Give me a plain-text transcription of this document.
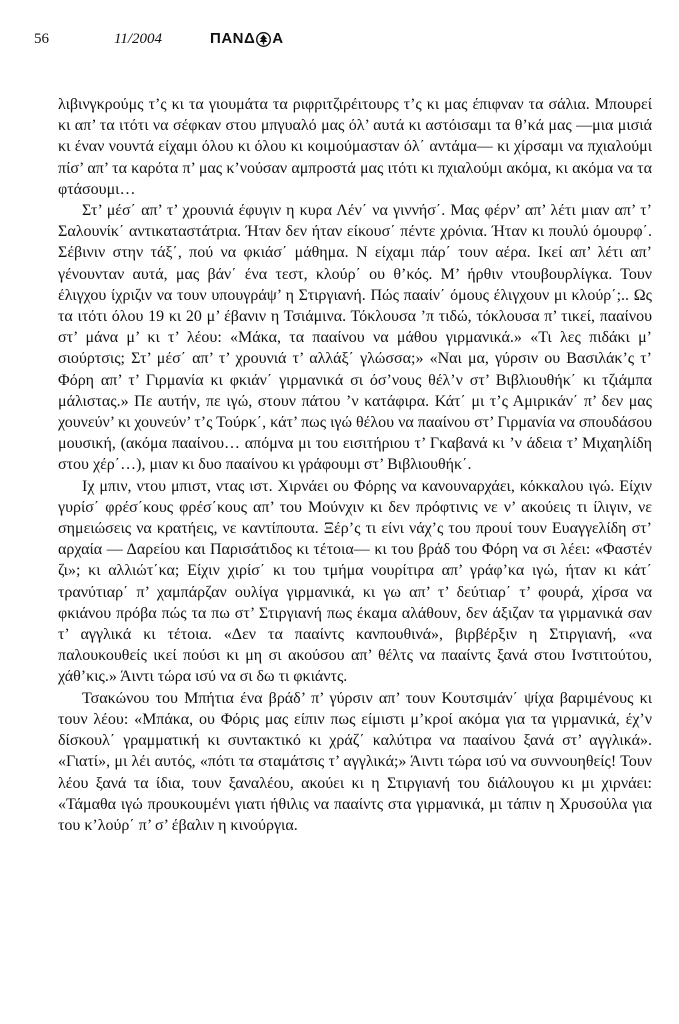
56	11/2004	ΠΑΝΔ Α

λιβινγκρούμς τ’ς κι τα γιουμάτα τα ριφριτζιρέιτουρς τ’ς κι μας έπιφναν τα σάλια. Μπουρεί κι απ’ τα ιτότι να σέφκαν στου μπγυαλό μας όλ’ αυτά κι αστόισαμι τα θ’κά μας —μια μισιά κι έναν νουντά είχαμι όλου κι όλου κι κοιμούμασταν όλ΄ αντάμα— κι χίρσαμι να πχιαλούμι πίσ’ απ’ τα καρότα π’ μας κ’νούσαν αμπροστά μας ιτότι κι πχιαλούμι ακόμα, κι ακόμα να τα φτάσουμι…

Στ’ μέσ΄ απ’ τ’ χρουνιά έφυγιν η κυρα Λέν΄ να γιννήσ΄. Μας φέρν’ απ’ λέτι μιαν απ’ τ’ Σαλουνίκ΄ αντικαταστάτρια. Ήταν δεν ήταν είκουσ΄ πέντε χρόνια. Ήταν κι πουλύ όμουρφ΄. Σέβινιν στην τάξ΄, πού να φκιάσ΄ μάθημα. Ν είχαμι πάρ΄ τουν αέρα. Ικεί απ’ λέτι απ’ γένουνταν αυτά, μας βάν΄ ένα τεστ, κλούρ΄ ου θ’κός. Μ’ ήρθιν ντουβουρλίγκα. Τουν έλιγχου ίχριζιν να τουν υπουγράψ’ η Στιργιανή. Πώς πααίν΄ όμους έλιγχουν μι κλούρ΄;.. Ως τα ιτότι όλου 19 κι 20 μ’ έβανιν η Τσιάμινα. Τόκλουσα ’π τιδώ, τόκλουσα π’ τικεί, πααίνου στ’ μάνα μ’ κι τ’ λέου: «Μάκα, τα πααίνου να μάθου γιρμανικά.» «Τι λες πιδάκι μ’ σιούρτσις; Στ’ μέσ΄ απ’ τ’ χρουνιά τ’ αλλάξ΄ γλώσσα;» «Ναι μα, γύρσιν ου Βασιλάκ’ς τ’ Φόρη απ’ τ’ Γιρμανία κι φκιάν΄ γιρμανικά σι όσ’νους θέλ’ν στ’ Βιβλιουθήκ΄ κι τζιάμπα μάλιστας.» Πε αυτήν, πε ιγώ, στουν πάτου ’ν κατάφιρα. Κάτ΄ μι τ’ς Αμιρικάν΄ π’ δεν μας χουνεύν’ κι χουνεύν’ τ’ς Τούρκ΄, κάτ’ πως ιγώ θέλου να πααίνου στ’ Γιρμανία να σπουδάσου μουσική, (ακόμα πααίνου… απόμνα μι του εισιτήριου τ’ Γκαβανά κι ’ν άδεια τ’ Μιχαηλίδη στου χέρ΄…), μιαν κι δυο πααίνου κι γράφουμι στ’ Βιβλιουθήκ΄.

Iχ μπιν, ντου μπιστ, ντας ιστ. Χιρνάει ου Φόρης να κανουναρχάει, κόκκαλου ιγώ. Είχιν γυρίσ΄ φρέσ΄κους φρέσ΄κους απ’ του Μούνχιν κι δεν πρόφτινις νε ν’ ακούεις τι ίλιγιν, νε σημειώσεις να κρατήεις, νε καντίπουτα. Ξέρ’ς τι είνι νάχ’ς του προυί τουν Ευαγγελίδη στ’ αρχαία — Δαρείου και Παρισάτιδος κι τέτοια— κι του βράδ του Φόρη να σι λέει: «Φαστέν ζι»; κι αλλιώτ΄κα; Είχιν χιρίσ΄ κι του τμήμα νουρίτιρα απ’ γράφ’κα ιγώ, ήταν κι κάτ΄ τρανύτιαρ΄ π’ χαμπάρζαν ουλίγα γιρμανικά, κι γω απ’ τ’ δεύτιαρ΄ τ’ φουρά, χίρσα να φκιάνου πρόβα πώς τα πω στ’ Στιργιανή πως έκαμα αλάθουν, δεν άξιζαν τα γιρμανικά σαν τ’ αγγλικά κι τέτοια. «Δεν τα πααίντς κανπουθινά», βιρβέρξιν η Στιργιανή, «να παλουκουθείς ικεί πούσι κι μη σι ακούσου απ’ θέλτς να πααίντς ξανά στου Ινστιτούτου, χάθ’κις.» Άιντι τώρα ισύ να σι δω τι φκιάντς.

Τσακώνου του Μπήτια ένα βράδ’ π’ γύρσιν απ’ τουν Κουτσιμάν΄ ψίχα βαριμένους κι τουν λέου: «Μπάκα, ου Φόρις μας είπιν πως είμιστι μ’κροί ακόμα για τα γιρμανικά, έχ’ν δίσκουλ΄ γραμματική κι συντακτικό κι χράζ΄ καλύτιρα να πααίνου ξανά στ’ αγγλικά». «Γιατί», μι λέι αυτός, «πότι τα σταμάτσις τ’ αγγλικά;» Άιντι τώρα ισύ να συννουηθείς! Τουν λέου ξανά τα ίδια, τουν ξαναλέου, ακούει κι η Στιργιανή του διάλουγου κι μι χιρνάει: «Τάμαθα ιγώ προυκουμένι γιατι ήθιλις να πααίντς στα γιρμανικά, μι τάπιν η Χρυσούλα για του κ’λούρ΄ π’ σ’ έβαλιν η κινούργια.
